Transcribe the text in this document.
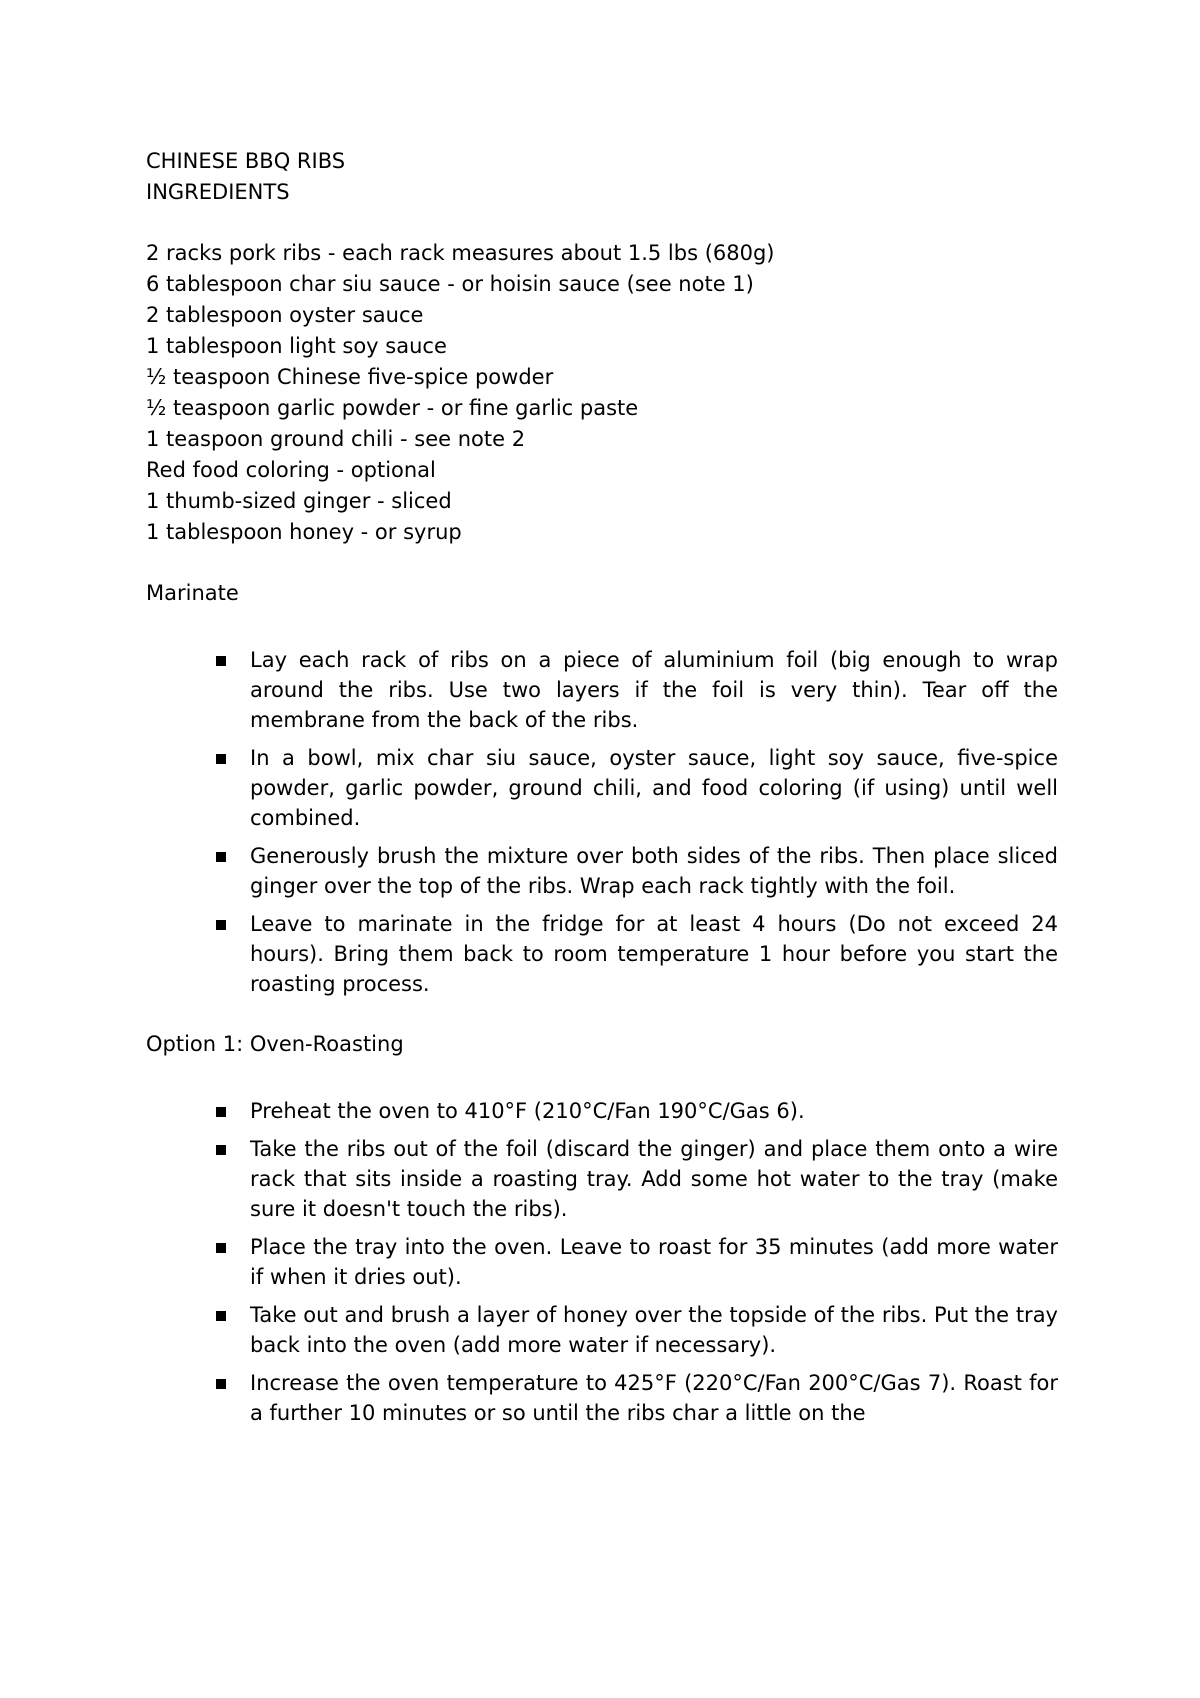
CHINESE BBQ RIBS
INGREDIENTS
2 racks pork ribs - each rack measures about 1.5 lbs (680g)
6 tablespoon char siu sauce - or hoisin sauce (see note 1)
2 tablespoon oyster sauce
1 tablespoon light soy sauce
½ teaspoon Chinese five-spice powder
½ teaspoon garlic powder - or fine garlic paste
1 teaspoon ground chili - see note 2
Red food coloring - optional
1 thumb-sized ginger - sliced
1 tablespoon honey - or syrup
Marinate
Lay each rack of ribs on a piece of aluminium foil (big enough to wrap around the ribs. Use two layers if the foil is very thin). Tear off the membrane from the back of the ribs.
In a bowl, mix char siu sauce, oyster sauce, light soy sauce, five-spice powder, garlic powder, ground chili, and food coloring (if using) until well combined.
Generously brush the mixture over both sides of the ribs. Then place sliced ginger over the top of the ribs. Wrap each rack tightly with the foil.
Leave to marinate in the fridge for at least 4 hours (Do not exceed 24 hours). Bring them back to room temperature 1 hour before you start the roasting process.
Option 1: Oven-Roasting
Preheat the oven to 410°F (210°C/Fan 190°C/Gas 6).
Take the ribs out of the foil (discard the ginger) and place them onto a wire rack that sits inside a roasting tray. Add some hot water to the tray (make sure it doesn't touch the ribs).
Place the tray into the oven. Leave to roast for 35 minutes (add more water if when it dries out).
Take out and brush a layer of honey over the topside of the ribs. Put the tray back into the oven (add more water if necessary).
Increase the oven temperature to 425°F (220°C/Fan 200°C/Gas 7). Roast for a further 10 minutes or so until the ribs char a little on the
